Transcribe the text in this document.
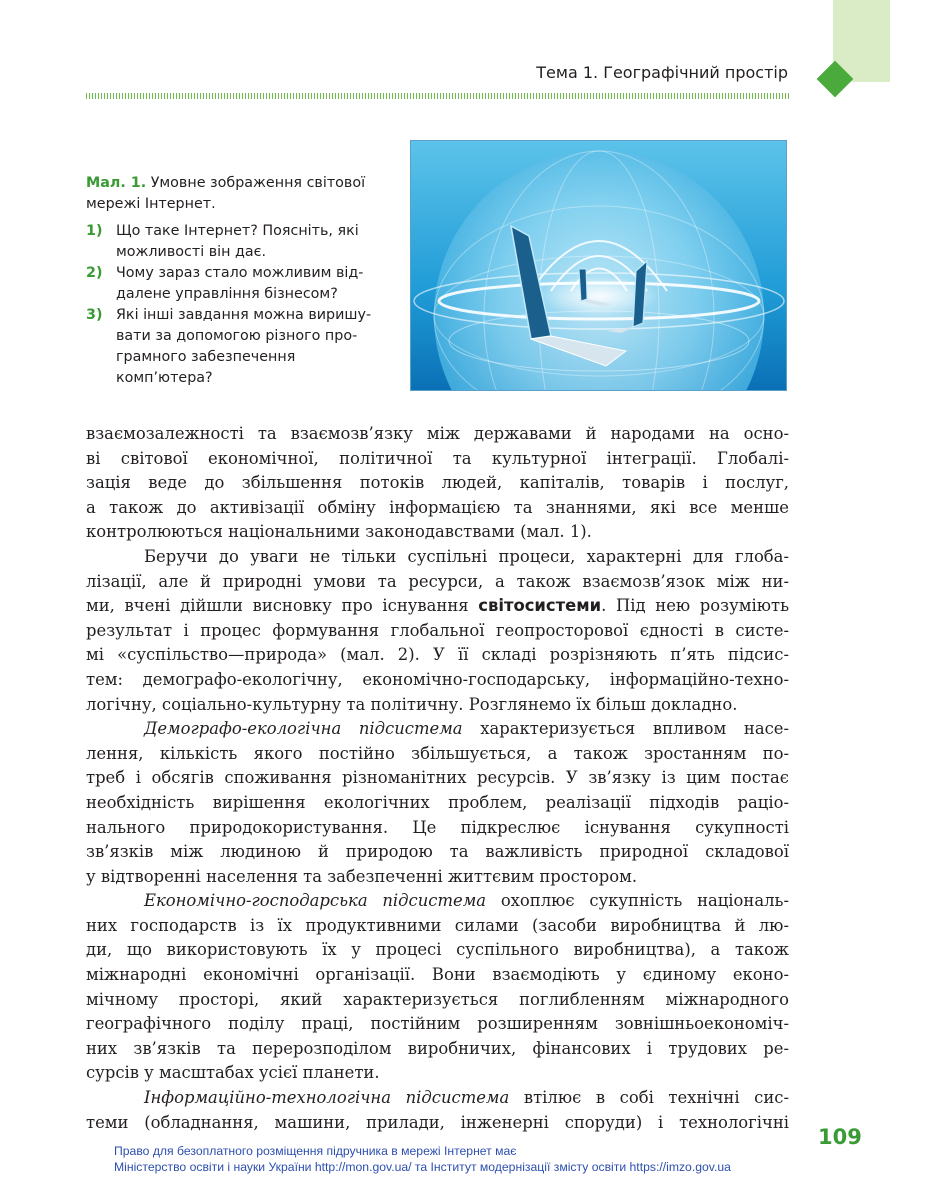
Тема 1. Географічний простір
Мал. 1. Умовне зображення світової
мережі Інтернет.
1) Що таке Інтернет? Поясніть, які
можливості він дає.
2) Чому зараз стало можливим від-
далене управління бізнесом?
3) Які інші завдання можна виришу-
вати за допомогою різного про-
грамного забезпечення
комп’ютера?
взаємозалежності та взаємозв’язку між державами й народами на осно-
ві світової економічної, політичної та культурної інтеграції. Глобалі-
зація веде до збільшення потоків людей, капіталів, товарів і послуг,
а також до активізації обміну інформацією та знаннями, які все менше
контролюються національними законодавствами (мал. 1).
Беручи до уваги не тільки суспільні процеси, характерні для глоба-
лізації, але й природні умови та ресурси, а також взаємозв’язок між ни-
ми, вчені дійшли висновку про існування світосистеми. Під нею розуміють
результат і процес формування глобальної геопросторової єдності в систе-
мі «суспільство—природа» (мал. 2). У її складі розрізняють п’ять підсис-
тем: демографо-екологічну, економічно-господарську, інформаційно-техно-
логічну, соціально-культурну та політичну. Розглянемо їх більш докладно.
Демографо-екологічна підсистема характеризується впливом насе-
лення, кількість якого постійно збільшується, а також зростанням по-
треб і обсягів споживання різноманітних ресурсів. У зв’язку із цим постає
необхідність вирішення екологічних проблем, реалізації підходів раціо-
нального природокористування. Це підкреслює існування сукупності
зв’язків між людиною й природою та важливість природної складової
у відтворенні населення та забезпеченні життєвим простором.
Економічно-господарська підсистема охоплює сукупність національ-
них господарств із їх продуктивними силами (засоби виробництва й лю-
ди, що використовують їх у процесі суспільного виробництва), а також
міжнародні економічні організації. Вони взаємодіють у єдиному еконо-
мічному просторі, який характеризується поглибленням міжнародного
географічного поділу праці, постійним розширенням зовнішньоекономіч-
них зв’язків та перерозподілом виробничих, фінансових і трудових ре-
сурсів у масштабах усієї планети.
Інформаційно-технологічна підсистема втілює в собі технічні сис-
теми (обладнання, машини, прилади, інженерні споруди) і технологічні
109
Право для безоплатного розміщення підручника в мережі Інтернет має
Міністерство освіти і науки України http://mon.gov.ua/ та Інститут модернізації змісту освіти https://imzo.gov.ua
